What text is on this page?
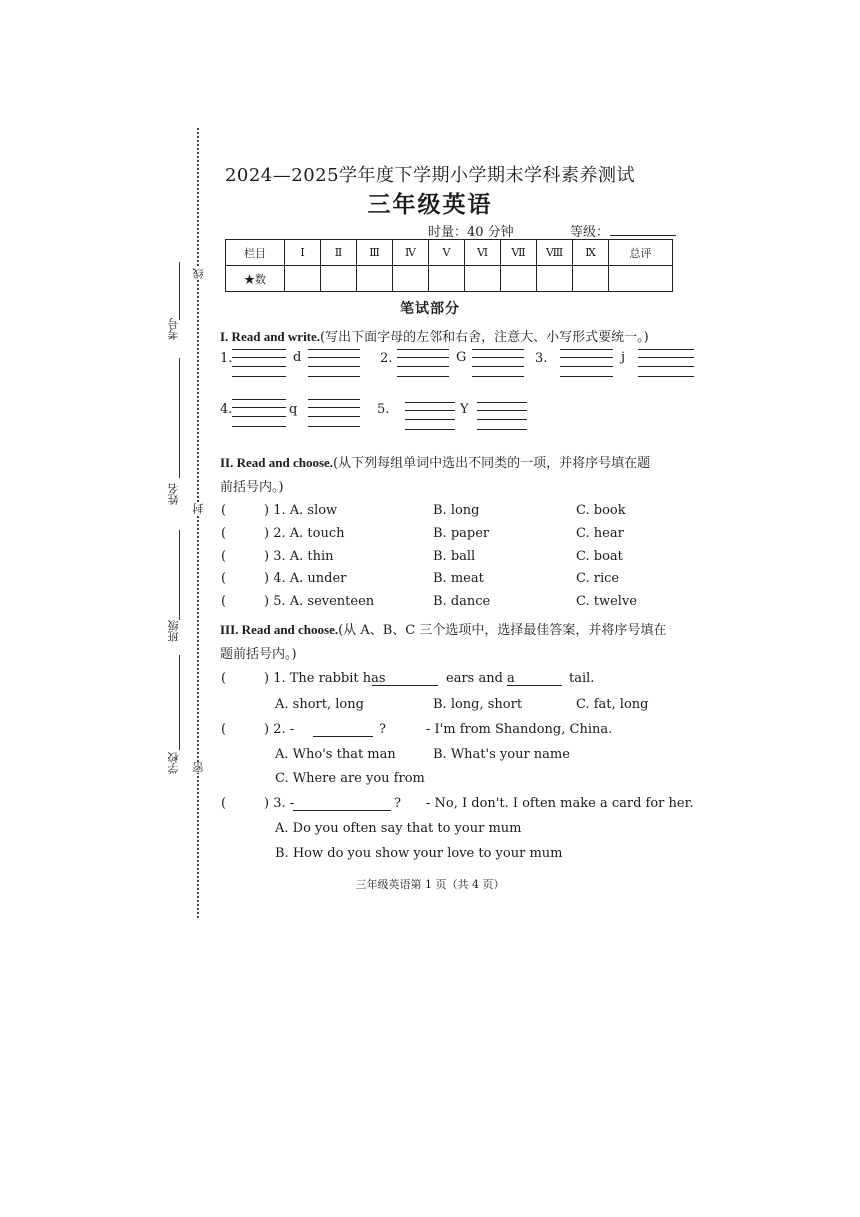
考号
姓名
班级
学校
线
封
密
2024—2025学年度下学期小学期末学科素养测试
三年级英语
时量：40 分钟	等级：
栏目	Ⅰ	Ⅱ	Ⅲ	Ⅳ	Ⅴ	Ⅵ	Ⅶ	Ⅷ	Ⅸ	总评
★数										
笔试部分
I. Read and write.(写出下面字母的左邻和右舍，注意大、小写形式要统一。)
1.	d	2.	G	3.	j
4.	q	5.	Y
II. Read and choose.(从下列每组单词中选出不同类的一项，并将序号填在题
前括号内。)
(	) 1. A. slow	B. long	C. book
(	) 2. A. touch	B. paper	C. hear
(	) 3. A. thin	B. ball	C. boat
(	) 4. A. under	B. meat	C. rice
(	) 5. A. seventeen	B. dance	C. twelve
III. Read and choose.(从 A、B、C 三个选项中，选择最佳答案，并将序号填在
题前括号内。)
(	) 1. The rabbit has	ears and a	tail.
A. short, long	B. long, short	C. fat, long
(	) 2. -	?	- I'm from Shandong, China.
A. Who's that man	B. What's your name
C. Where are you from
(	) 3. -	? - No, I don't. I often make a card for her.
A. Do you often say that to your mum
B. How do you show your love to your mum
三年级英语第 1 页（共 4 页）
